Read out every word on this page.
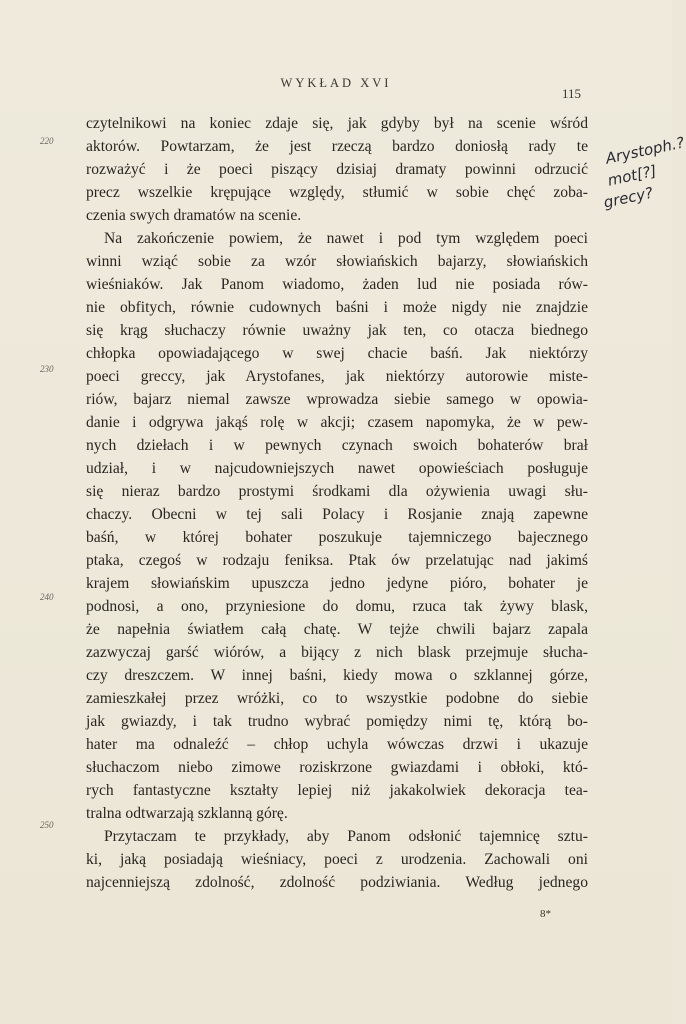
WYKŁAD XVI
115
220
230
240
250
Arystoph.?
mot[?]
grecy?
czytelnikowi na koniec zdaje się, jak gdyby był na scenie wśród
aktorów. Powtarzam, że jest rzeczą bardzo doniosłą rady te
rozważyć i że poeci piszący dzisiaj dramaty powinni odrzucić
precz wszelkie krępujące względy, stłumić w sobie chęć zoba-
czenia swych dramatów na scenie.
Na zakończenie powiem, że nawet i pod tym względem poeci
winni wziąć sobie za wzór słowiańskich bajarzy, słowiańskich
wieśniaków. Jak Panom wiadomo, żaden lud nie posiada rów-
nie obfitych, równie cudownych baśni i może nigdy nie znajdzie
się krąg słuchaczy równie uważny jak ten, co otacza biednego
chłopka opowiadającego w swej chacie baśń. Jak niektórzy
poeci greccy, jak Arystofanes, jak niektórzy autorowie miste-
riów, bajarz niemal zawsze wprowadza siebie samego w opowia-
danie i odgrywa jakąś rolę w akcji; czasem napomyka, że w pew-
nych dziełach i w pewnych czynach swoich bohaterów brał
udział, i w najcudowniejszych nawet opowieściach posługuje
się nieraz bardzo prostymi środkami dla ożywienia uwagi słu-
chaczy. Obecni w tej sali Polacy i Rosjanie znają zapewne
baśń, w której bohater poszukuje tajemniczego bajecznego
ptaka, czegoś w rodzaju feniksa. Ptak ów przelatując nad jakimś
krajem słowiańskim upuszcza jedno jedyne pióro, bohater je
podnosi, a ono, przyniesione do domu, rzuca tak żywy blask,
że napełnia światłem całą chatę. W tejże chwili bajarz zapala
zazwyczaj garść wiórów, a bijący z nich blask przejmuje słucha-
czy dreszczem. W innej baśni, kiedy mowa o szklannej górze,
zamieszkałej przez wróżki, co to wszystkie podobne do siebie
jak gwiazdy, i tak trudno wybrać pomiędzy nimi tę, którą bo-
hater ma odnaleźć – chłop uchyla wówczas drzwi i ukazuje
słuchaczom niebo zimowe roziskrzone gwiazdami i obłoki, któ-
rych fantastyczne kształty lepiej niż jakakolwiek dekoracja tea-
tralna odtwarzają szklanną górę.
Przytaczam te przykłady, aby Panom odsłonić tajemnicę sztu-
ki, jaką posiadają wieśniacy, poeci z urodzenia. Zachowali oni
najcenniejszą zdolność, zdolność podziwiania. Według jednego
8*
